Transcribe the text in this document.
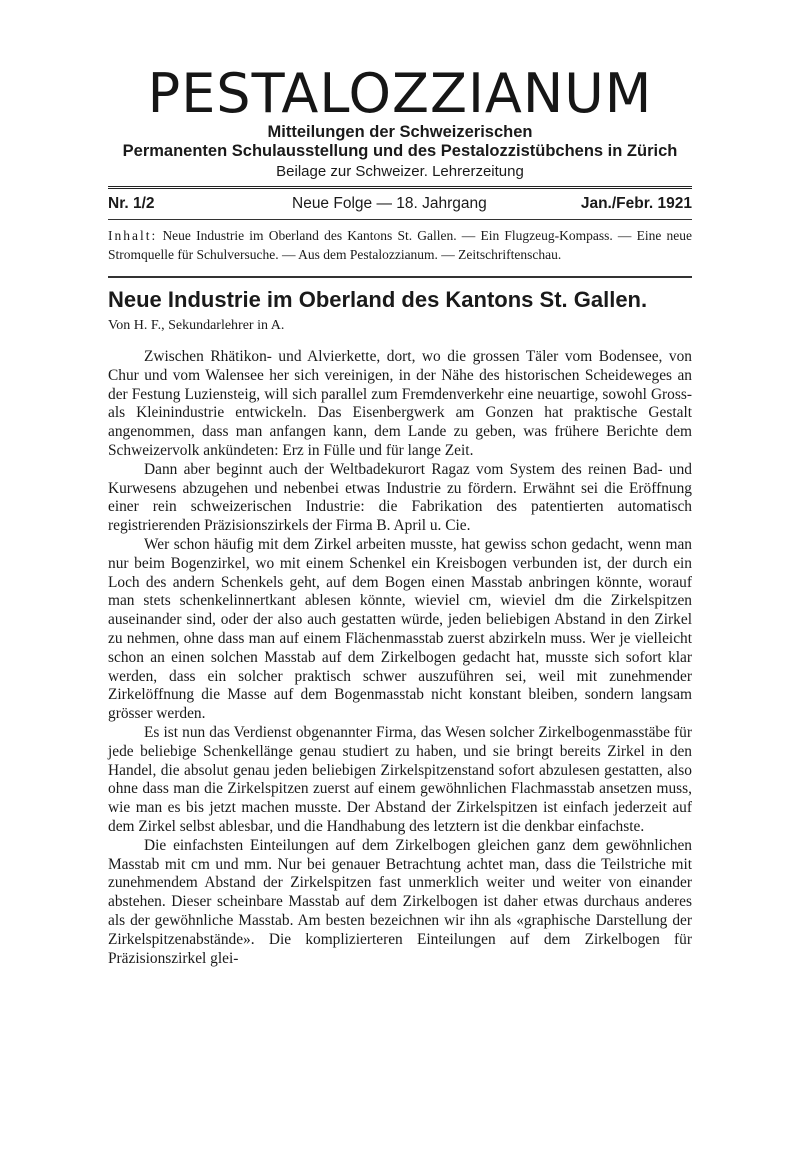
PESTALOZZIANUM
Mitteilungen der Schweizerischen
Permanenten Schulausstellung und des Pestalozzistübchens in Zürich
Beilage zur Schweizer. Lehrerzeitung
Nr. 1/2	Neue Folge — 18. Jahrgang	Jan./Febr. 1921
Inhalt: Neue Industrie im Oberland des Kantons St. Gallen. — Ein Flugzeug-Kompass. — Eine neue Stromquelle für Schulversuche. — Aus dem Pestalozzianum. — Zeitschriftenschau.
Neue Industrie im Oberland des Kantons St. Gallen.
Von H. F., Sekundarlehrer in A.

Zwischen Rhätikon- und Alvierkette, dort, wo die grossen Täler vom Bodensee, von Chur und vom Walensee her sich vereinigen, in der Nähe des historischen Scheideweges an der Festung Luziensteig, will sich parallel zum Fremdenverkehr eine neuartige, sowohl Gross- als Kleinindustrie entwickeln. Das Eisenbergwerk am Gonzen hat praktische Gestalt angenommen, dass man anfangen kann, dem Lande zu geben, was frühere Berichte dem Schweizervolk ankündeten: Erz in Fülle und für lange Zeit.

Dann aber beginnt auch der Weltbadekurort Ragaz vom System des reinen Bad- und Kurwesens abzugehen und nebenbei etwas Industrie zu fördern. Erwähnt sei die Eröffnung einer rein schweizerischen Industrie: die Fabrikation des patentierten automatisch registrierenden Präzisionszirkels der Firma B. April u. Cie.

Wer schon häufig mit dem Zirkel arbeiten musste, hat gewiss schon gedacht, wenn man nur beim Bogenzirkel, wo mit einem Schenkel ein Kreisbogen verbunden ist, der durch ein Loch des andern Schenkels geht, auf dem Bogen einen Masstab anbringen könnte, worauf man stets schenkelinnertkant ablesen könnte, wieviel cm, wieviel dm die Zirkelspitzen auseinander sind, oder der also auch gestatten würde, jeden beliebigen Abstand in den Zirkel zu nehmen, ohne dass man auf einem Flächenmasstab zuerst abzirkeln muss. Wer je vielleicht schon an einen solchen Masstab auf dem Zirkelbogen gedacht hat, musste sich sofort klar werden, dass ein solcher praktisch schwer auszuführen sei, weil mit zunehmender Zirkelöffnung die Masse auf dem Bogenmasstab nicht konstant bleiben, sondern langsam grösser werden.

Es ist nun das Verdienst obgenannter Firma, das Wesen solcher Zirkelbogenmasstäbe für jede beliebige Schenkellänge genau studiert zu haben, und sie bringt bereits Zirkel in den Handel, die absolut genau jeden beliebigen Zirkelspitzenstand sofort abzulesen gestatten, also ohne dass man die Zirkelspitzen zuerst auf einem gewöhnlichen Flachmasstab ansetzen muss, wie man es bis jetzt machen musste. Der Abstand der Zirkelspitzen ist einfach jederzeit auf dem Zirkel selbst ablesbar, und die Handhabung des letztern ist die denkbar einfachste.

Die einfachsten Einteilungen auf dem Zirkelbogen gleichen ganz dem gewöhnlichen Masstab mit cm und mm. Nur bei genauer Betrachtung achtet man, dass die Teilstriche mit zunehmendem Abstand der Zirkelspitzen fast unmerklich weiter und weiter von einander abstehen. Dieser scheinbare Masstab auf dem Zirkelbogen ist daher etwas durchaus anderes als der gewöhnliche Masstab. Am besten bezeichnen wir ihn als «graphische Darstellung der Zirkelspitzenabstände». Die komplizierteren Einteilungen auf dem Zirkelbogen für Präzisionszirkel glei-
